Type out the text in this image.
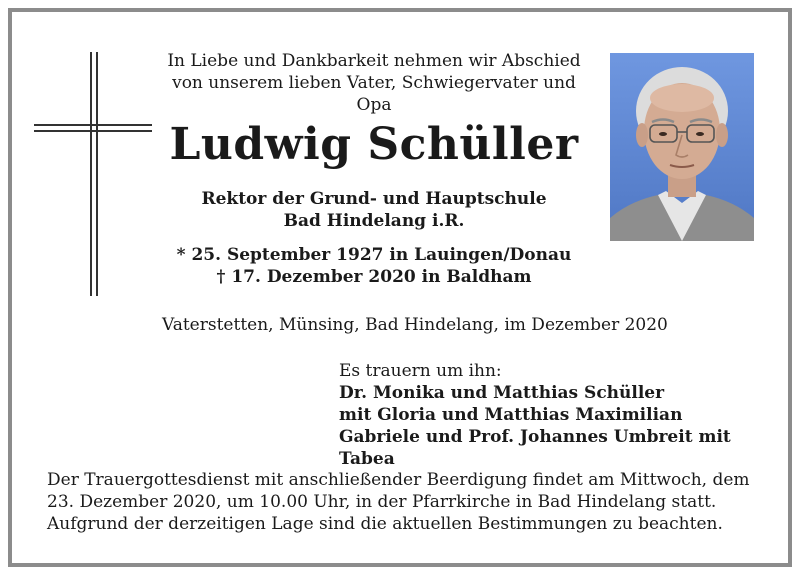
In Liebe und Dankbarkeit nehmen wir Abschied
von unserem lieben Vater, Schwiegervater und Opa
Ludwig Schüller
Rektor der Grund- und Hauptschule
Bad Hindelang i.R.
* 25. September 1927 in Lauingen/Donau
† 17. Dezember 2020 in Baldham
Vaterstetten, Münsing, Bad Hindelang, im Dezember 2020
Es trauern um ihn:
Dr. Monika und Matthias Schüller
mit Gloria und Matthias Maximilian
Gabriele und Prof. Johannes Umbreit mit Tabea
Der Trauergottesdienst mit anschließender Beerdigung findet am Mittwoch, dem
23. Dezember 2020, um 10.00 Uhr, in der Pfarrkirche in Bad Hindelang statt.
Aufgrund der derzeitigen Lage sind die aktuellen Bestimmungen zu beachten.
